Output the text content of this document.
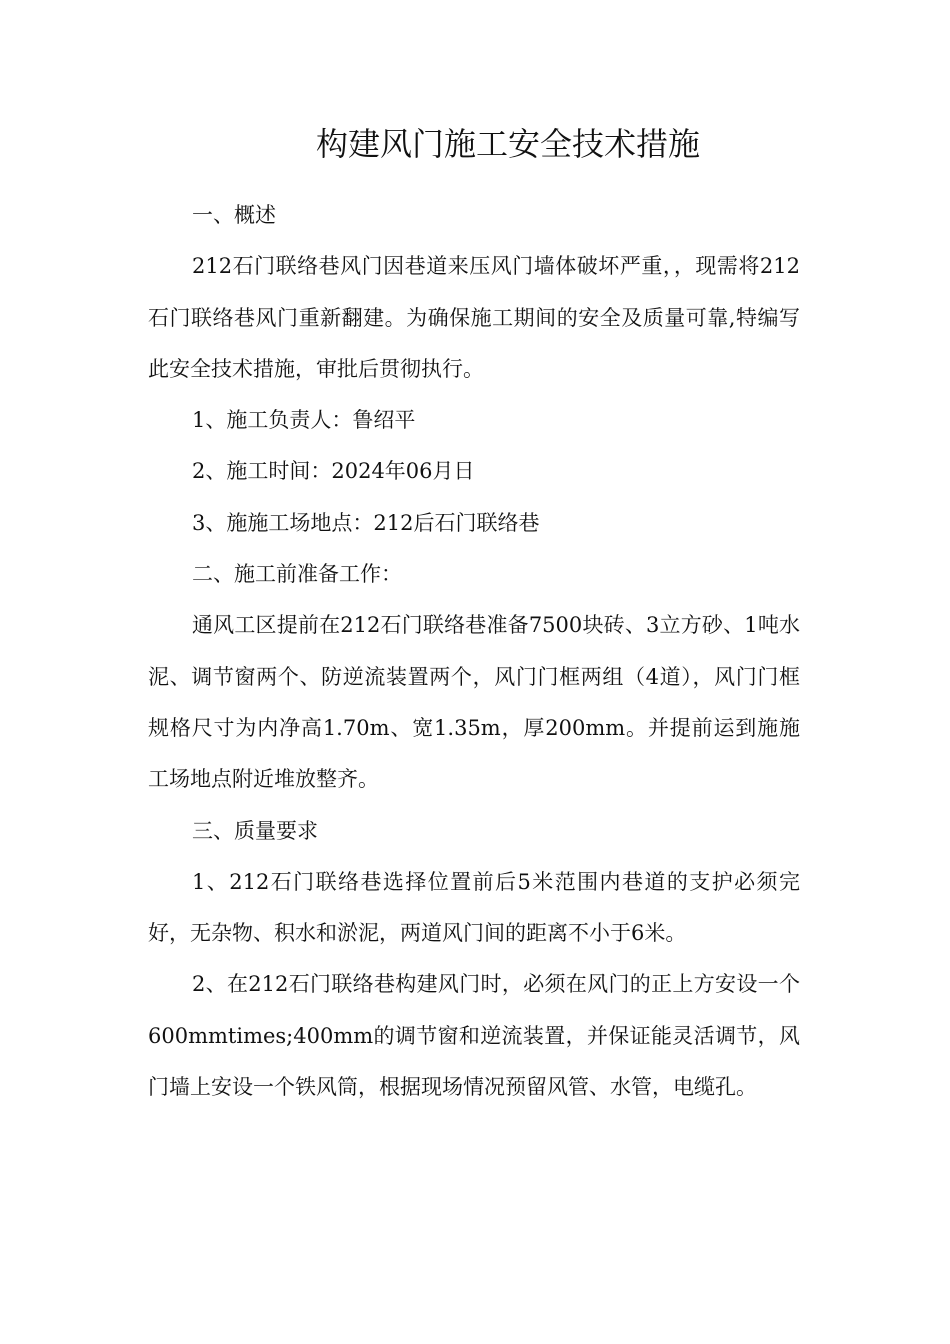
构建风门施工安全技术措施

一、概述

212石门联络巷风门因巷道来压风门墙体破坏严重，，现需将212石门联络巷风门重新翻建。为确保施工期间的安全及质量可靠,特编写此安全技术措施，审批后贯彻执行。

1、施工负责人：鲁绍平

2、施工时间：2024年06月日

3、施施工场地点：212后石门联络巷

二、施工前准备工作：

通风工区提前在212石门联络巷准备7500块砖、3立方砂、1吨水泥、调节窗两个、防逆流装置两个，风门门框两组（4道），风门门框规格尺寸为内净高1.70m、宽1.35m，厚200mm。并提前运到施施工场地点附近堆放整齐。

三、质量要求

1、212石门联络巷选择位置前后5米范围内巷道的支护必须完好，无杂物、积水和淤泥，两道风门间的距离不小于6米。

2、在212石门联络巷构建风门时，必须在风门的正上方安设一个600mmtimes;400mm的调节窗和逆流装置，并保证能灵活调节，风门墙上安设一个铁风筒，根据现场情况预留风管、水管，电缆孔。
